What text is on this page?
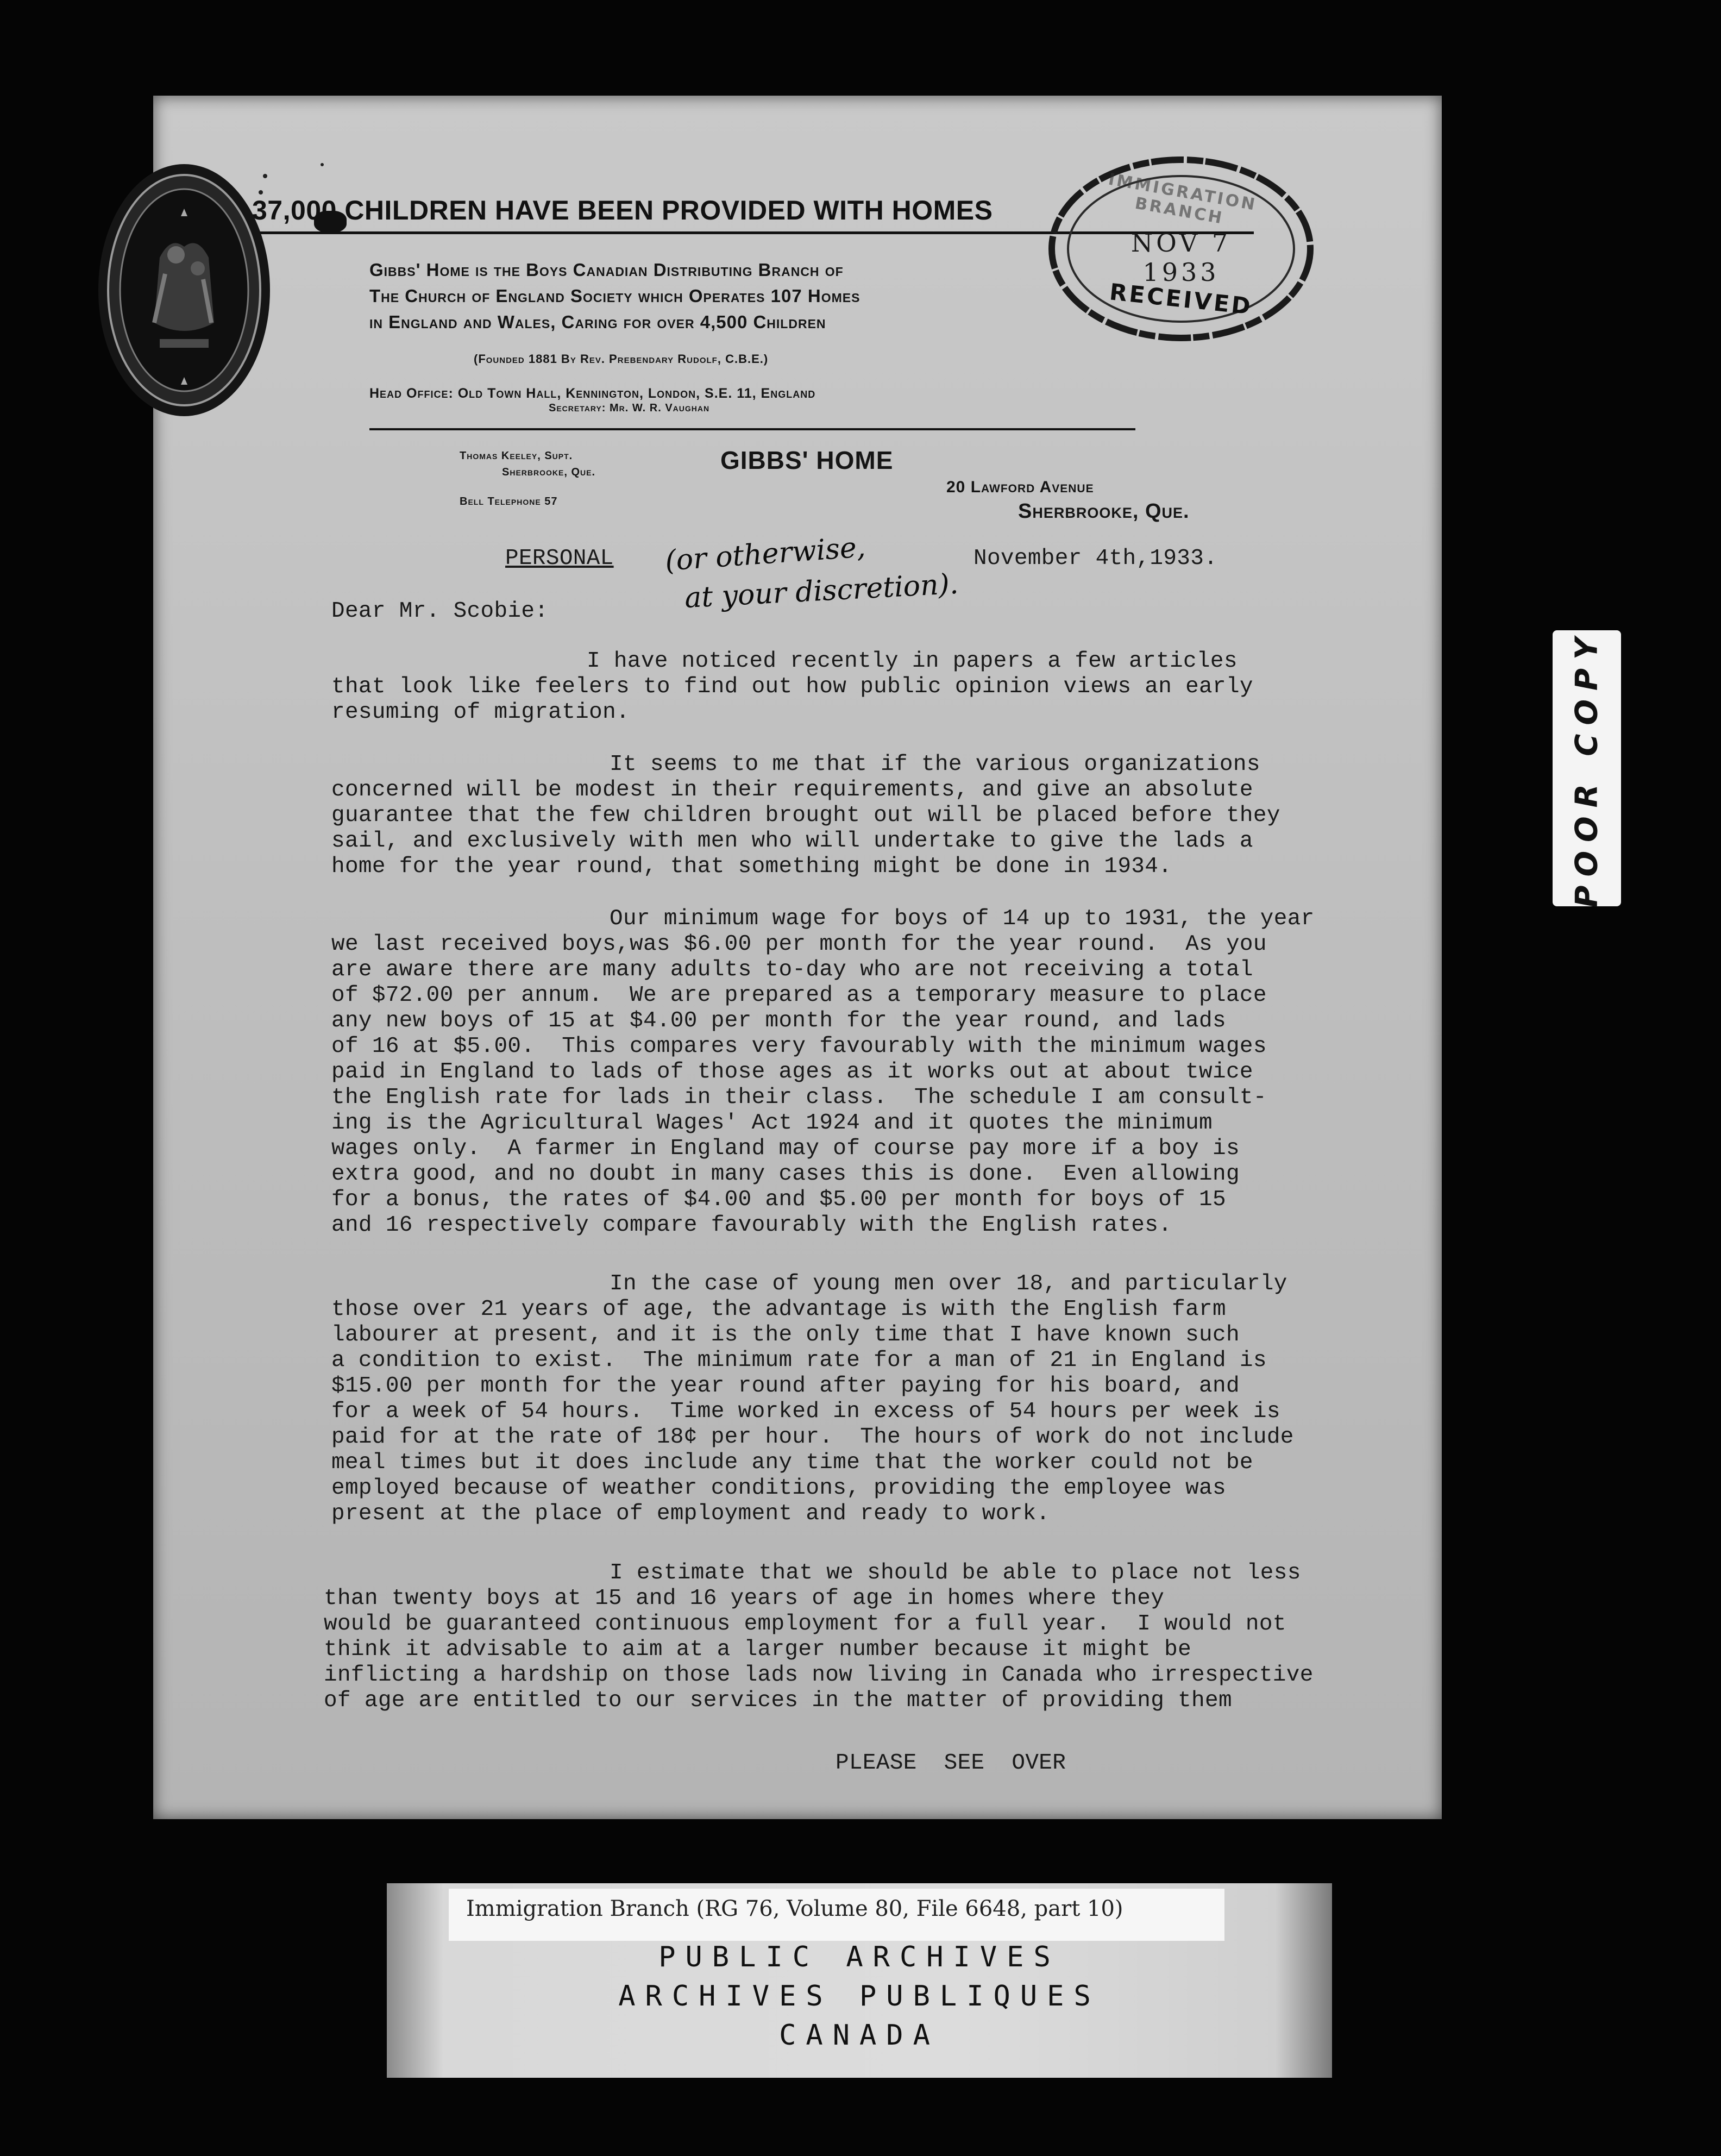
37,000 CHILDREN HAVE BEEN PROVIDED WITH HOMES
Gibbs' Home is the Boys Canadian Distributing Branch of
The Church of England Society which Operates 107 Homes
in England and Wales, Caring for over 4,500 Children
(Founded 1881 By Rev. Prebendary Rudolf, C.B.E.)
Head Office: Old Town Hall, Kennington, London, S.E. 11, England
Secretary: Mr. W. R. Vaughan
IMMIGRATION BRANCH
NOV 7 1933
RECEIVED
Thomas Keeley, Supt.
Sherbrooke, Que.
Bell Telephone 57
GIBBS' HOME
20 Lawford Avenue
Sherbrooke, Que.
PERSONAL (or otherwise,
at your discretion).
November 4th,1933.
Dear Mr. Scobie:
I have noticed recently in papers a few articles
that look like feelers to find out how public opinion views an early
resuming of migration.
It seems to me that if the various organizations
concerned will be modest in their requirements, and give an absolute
guarantee that the few children brought out will be placed before they
sail, and exclusively with men who will undertake to give the lads a
home for the year round, that something might be done in 1934.
Our minimum wage for boys of 14 up to 1931, the year
we last received boys,was $6.00 per month for the year round.  As you
are aware there are many adults to-day who are not receiving a total
of $72.00 per annum.  We are prepared as a temporary measure to place
any new boys of 15 at $4.00 per month for the year round, and lads
of 16 at $5.00.  This compares very favourably with the minimum wages
paid in England to lads of those ages as it works out at about twice
the English rate for lads in their class.  The schedule I am consult-
ing is the Agricultural Wages' Act 1924 and it quotes the minimum
wages only.  A farmer in England may of course pay more if a boy is
extra good, and no doubt in many cases this is done.  Even allowing
for a bonus, the rates of $4.00 and $5.00 per month for boys of 15
and 16 respectively compare favourably with the English rates.
In the case of young men over 18, and particularly
those over 21 years of age, the advantage is with the English farm
labourer at present, and it is the only time that I have known such
a condition to exist.  The minimum rate for a man of 21 in England is
$15.00 per month for the year round after paying for his board, and
for a week of 54 hours.  Time worked in excess of 54 hours per week is
paid for at the rate of 18¢ per hour.  The hours of work do not include
meal times but it does include any time that the worker could not be
employed because of weather conditions, providing the employee was
present at the place of employment and ready to work.
I estimate that we should be able to place not less
than twenty boys at 15 and 16 years of age in homes where they
would be guaranteed continuous employment for a full year.  I would not
think it advisable to aim at a larger number because it might be
inflicting a hardship on those lads now living in Canada who irrespective
of age are entitled to our services in the matter of providing them
PLEASE  SEE  OVER
POOR COPY
Immigration Branch (RG 76, Volume 80, File 6648, part 10)
PUBLIC ARCHIVES
ARCHIVES PUBLIQUES
CANADA
